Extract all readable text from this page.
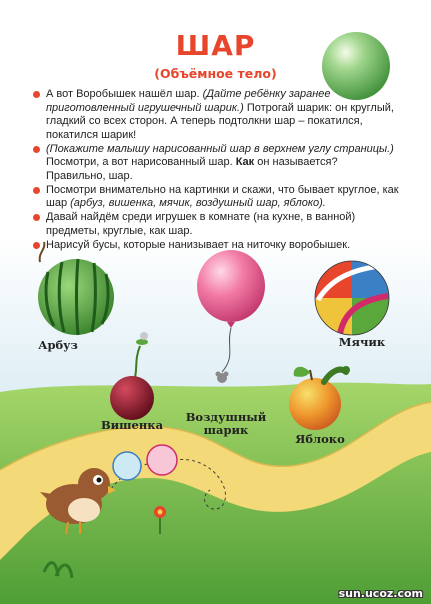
ШАР

(Объёмное тело)

А вот Воробышек нашёл шар. (Дайте ребёнку заранее приготовленный игрушечный шарик.) Потрогай шарик: он круглый, гладкий со всех сторон. А теперь подтолкни шар – покатился, покатился шарик!

(Покажите малышу нарисованный шар в верхнем углу страницы.) Посмотри, а вот нарисованный шар. Как он называется? Правильно, шар.

Посмотри внимательно на картинки и скажи, что бывает круглое, как шар (арбуз, вишенка, мячик, воздушный шар, яблоко).

Давай найдём среди игрушек в комнате (на кухне, в ванной) предметы, круглые, как шар.

Нарисуй бусы, которые нанизывает на ниточку воробышек.

Арбуз

Вишенка

Воздушный

шарик

Мячик

Яблоко

sun.ucoz.com
